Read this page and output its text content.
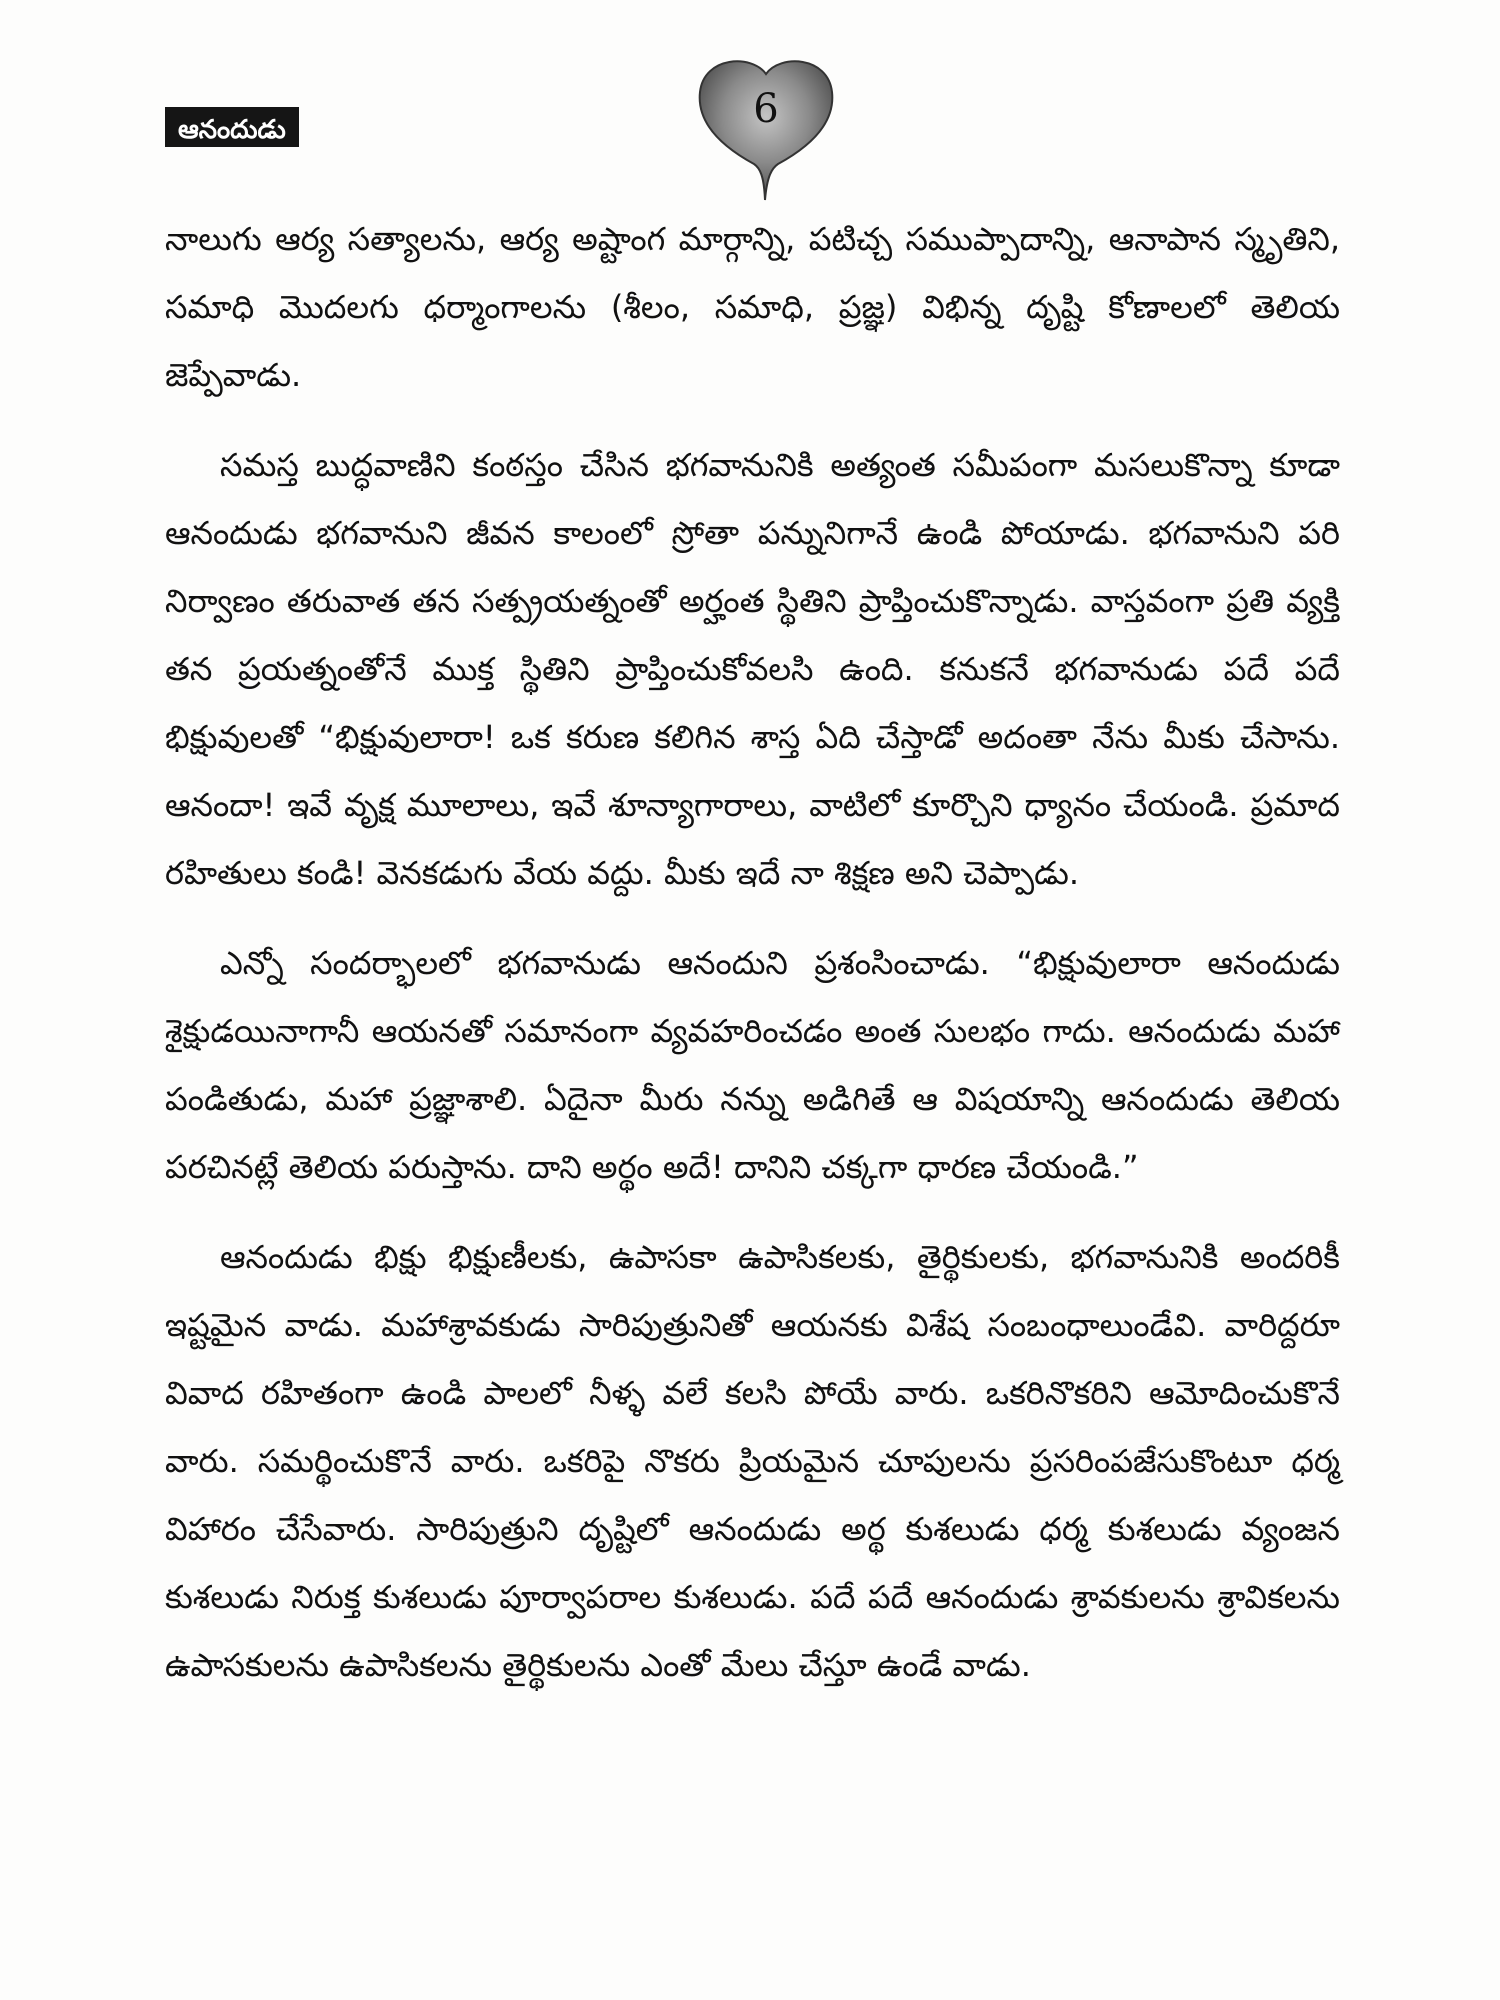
ఆనందుడు	6

నాలుగు ఆర్య సత్యాలను, ఆర్య అష్టాంగ మార్గాన్ని, పటిచ్చ సముప్పాదాన్ని, ఆనాపాన స్మృతిని, సమాధి మొదలగు ధర్మాంగాలను (శీలం, సమాధి, ప్రజ్ఞ) విభిన్న దృష్టి కోణాలలో తెలియ జెప్పేవాడు.

సమస్త బుద్ధవాణిని కంఠస్తం చేసిన భగవానునికి అత్యంత సమీపంగా మసలుకొన్నా కూడా ఆనందుడు భగవానుని జీవన కాలంలో స్రోతా పన్నునిగానే ఉండి పోయాడు. భగవానుని పరి నిర్వాణం తరువాత తన సత్ప్రయత్నంతో అర్హంత స్థితిని ప్రాప్తించుకొన్నాడు. వాస్తవంగా ప్రతి వ్యక్తి తన ప్రయత్నంతోనే ముక్త స్థితిని ప్రాప్తించుకోవలసి ఉంది. కనుకనే భగవానుడు పదే పదే భిక్షువులతో “భిక్షువులారా! ఒక కరుణ కలిగిన శాస్త ఏది చేస్తాడో అదంతా నేను మీకు చేసాను. ఆనందా! ఇవే వృక్ష మూలాలు, ఇవే శూన్యాగారాలు, వాటిలో కూర్చొని ధ్యానం చేయండి. ప్రమాద రహితులు కండి! వెనకడుగు వేయ వద్దు. మీకు ఇదే నా శిక్షణ అని చెప్పాడు.

ఎన్నో సందర్భాలలో భగవానుడు ఆనందుని ప్రశంసించాడు. “భిక్షువులారా ఆనందుడు శైక్షుడయినాగానీ ఆయనతో సమానంగా వ్యవహరించడం అంత సులభం గాదు. ఆనందుడు మహా పండితుడు, మహా ప్రజ్ఞాశాలి. ఏదైనా మీరు నన్ను అడిగితే ఆ విషయాన్ని ఆనందుడు తెలియ పరచినట్లే తెలియ పరుస్తాను. దాని అర్థం అదే! దానిని చక్కగా ధారణ చేయండి.”

ఆనందుడు భిక్షు భిక్షుణీలకు, ఉపాసకా ఉపాసికలకు, తైర్థికులకు, భగవానునికి అందరికీ ఇష్టమైన వాడు. మహాశ్రావకుడు సారిపుత్రునితో ఆయనకు విశేష సంబంధాలుండేవి. వారిద్దరూ వివాద రహితంగా ఉండి పాలలో నీళ్ళ వలే కలసి పోయే వారు. ఒకరినొకరిని ఆమోదించుకొనే వారు. సమర్థించుకొనే వారు. ఒకరిపై నొకరు ప్రియమైన చూపులను ప్రసరింపజేసుకొంటూ ధర్మ విహారం చేసేవారు. సారిపుత్రుని దృష్టిలో ఆనందుడు అర్థ కుశలుడు ధర్మ కుశలుడు వ్యంజన కుశలుడు నిరుక్త కుశలుడు పూర్వాపరాల కుశలుడు. పదే పదే ఆనందుడు శ్రావకులను శ్రావికలను ఉపాసకులను ఉపాసికలను తైర్థికులను ఎంతో మేలు చేస్తూ ఉండే వాడు.
